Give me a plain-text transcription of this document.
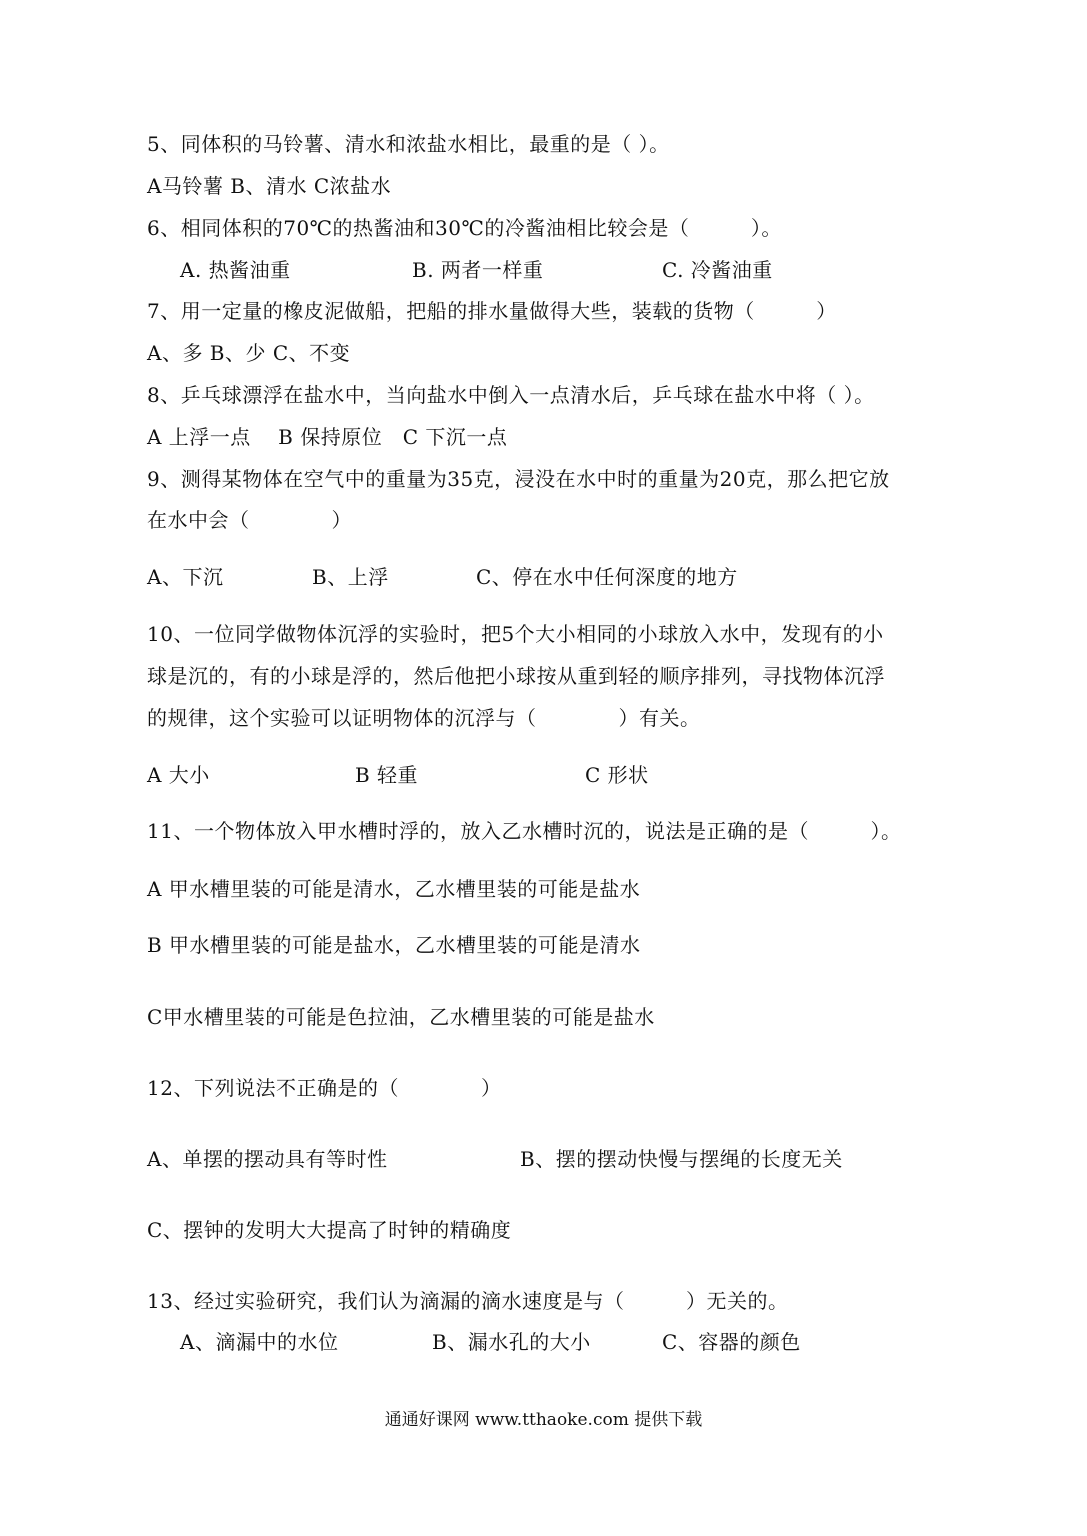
5、同体积的马铃薯、清水和浓盐水相比，最重的是（ ）。
A马铃薯 B、清水 C浓盐水
6、相同体积的70℃的热酱油和30℃的冷酱油相比较会是（　　　）。
A. 热酱油重	B. 两者一样重	C. 冷酱油重
7、用一定量的橡皮泥做船，把船的排水量做得大些，装载的货物（　　　）
A、多 B、少 C、不变
8、乒乓球漂浮在盐水中，当向盐水中倒入一点清水后，乒乓球在盐水中将（ ）。
A 上浮一点　 B 保持原位　C 下沉一点
9、测得某物体在空气中的重量为35克，浸没在水中时的重量为20克，那么把它放
在水中会（　　　　）
A、下沉	B、上浮	C、停在水中任何深度的地方
10、一位同学做物体沉浮的实验时，把5个大小相同的小球放入水中，发现有的小
球是沉的，有的小球是浮的，然后他把小球按从重到轻的顺序排列，寻找物体沉浮
的规律，这个实验可以证明物体的沉浮与（　　　　）有关。
A 大小	B 轻重	C 形状
11、一个物体放入甲水槽时浮的，放入乙水槽时沉的，说法是正确的是（　　　）。
A 甲水槽里装的可能是清水，乙水槽里装的可能是盐水
B 甲水槽里装的可能是盐水，乙水槽里装的可能是清水
C甲水槽里装的可能是色拉油，乙水槽里装的可能是盐水
12、下列说法不正确是的（　　　　）
A、单摆的摆动具有等时性	B、摆的摆动快慢与摆绳的长度无关
C、摆钟的发明大大提高了时钟的精确度
13、经过实验研究，我们认为滴漏的滴水速度是与（　　　）无关的。
A、滴漏中的水位	B、漏水孔的大小	C、容器的颜色
通通好课网 www.tthaoke.com 提供下载
